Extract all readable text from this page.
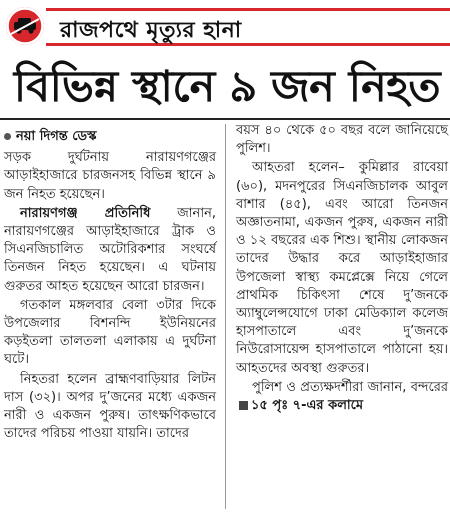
রাজপথে মৃত্যুর হানা
বিভিন্ন স্থানে ৯ জন নিহত
নয়া দিগন্ত ডেস্ক

সড়ক দুর্ঘটনায় নারায়ণগঞ্জের আড়াইহাজারে চারজনসহ বিভিন্ন স্থানে ৯ জন নিহত হয়েছেন।

নারায়ণগঞ্জ প্রতিনিধি জানান, নারায়ণগঞ্জের আড়াইহাজারে ট্রাক ও সিএনজিচালিত অটোরিকশার সংঘর্ষে তিনজন নিহত হয়েছেন। এ ঘটনায় গুরুতর আহত হয়েছেন আরো চারজন।

গতকাল মঙ্গলবার বেলা ৩টার দিকে উপজেলার বিশনন্দি ইউনিয়নের কড়ইতলা তালতলা এলাকায় এ দুর্ঘটনা ঘটে।

নিহতরা হলেন ব্রাহ্মণবাড়িয়ার লিটন দাস (৩২)। অপর দু’জনের মধ্যে একজন নারী ও একজন পুরুষ। তাৎক্ষণিকভাবে তাদের পরিচয় পাওয়া যায়নি। তাদের

বয়স ৪০ থেকে ৫০ বছর বলে জানিয়েছে পুলিশ।

আহতরা হলেন– কুমিল্লার রাবেয়া (৬০), মদনপুরের সিএনজিচালক আবুল বাশার (৪৫), এবং আরো তিনজন অজ্ঞাতনামা, একজন পুরুষ, একজন নারী ও ১২ বছরের এক শিশু। স্থানীয় লোকজন তাদের উদ্ধার করে আড়াইহাজার উপজেলা স্বাস্থ্য কমপ্লেক্সে নিয়ে গেলে প্রাথমিক চিকিৎসা শেষে দু’জনকে অ্যাম্বুলেন্সযোগে ঢাকা মেডিক্যাল কলেজ হাসপাতালে এবং দু’জনকে নিউরোসায়েন্স হাসপাতালে পাঠানো হয়। আহতদের অবস্থা গুরুতর।

পুলিশ ও প্রত্যক্ষদর্শীরা জানান, বন্দরের১৫ পৃঃ ৭-এর কলামে
